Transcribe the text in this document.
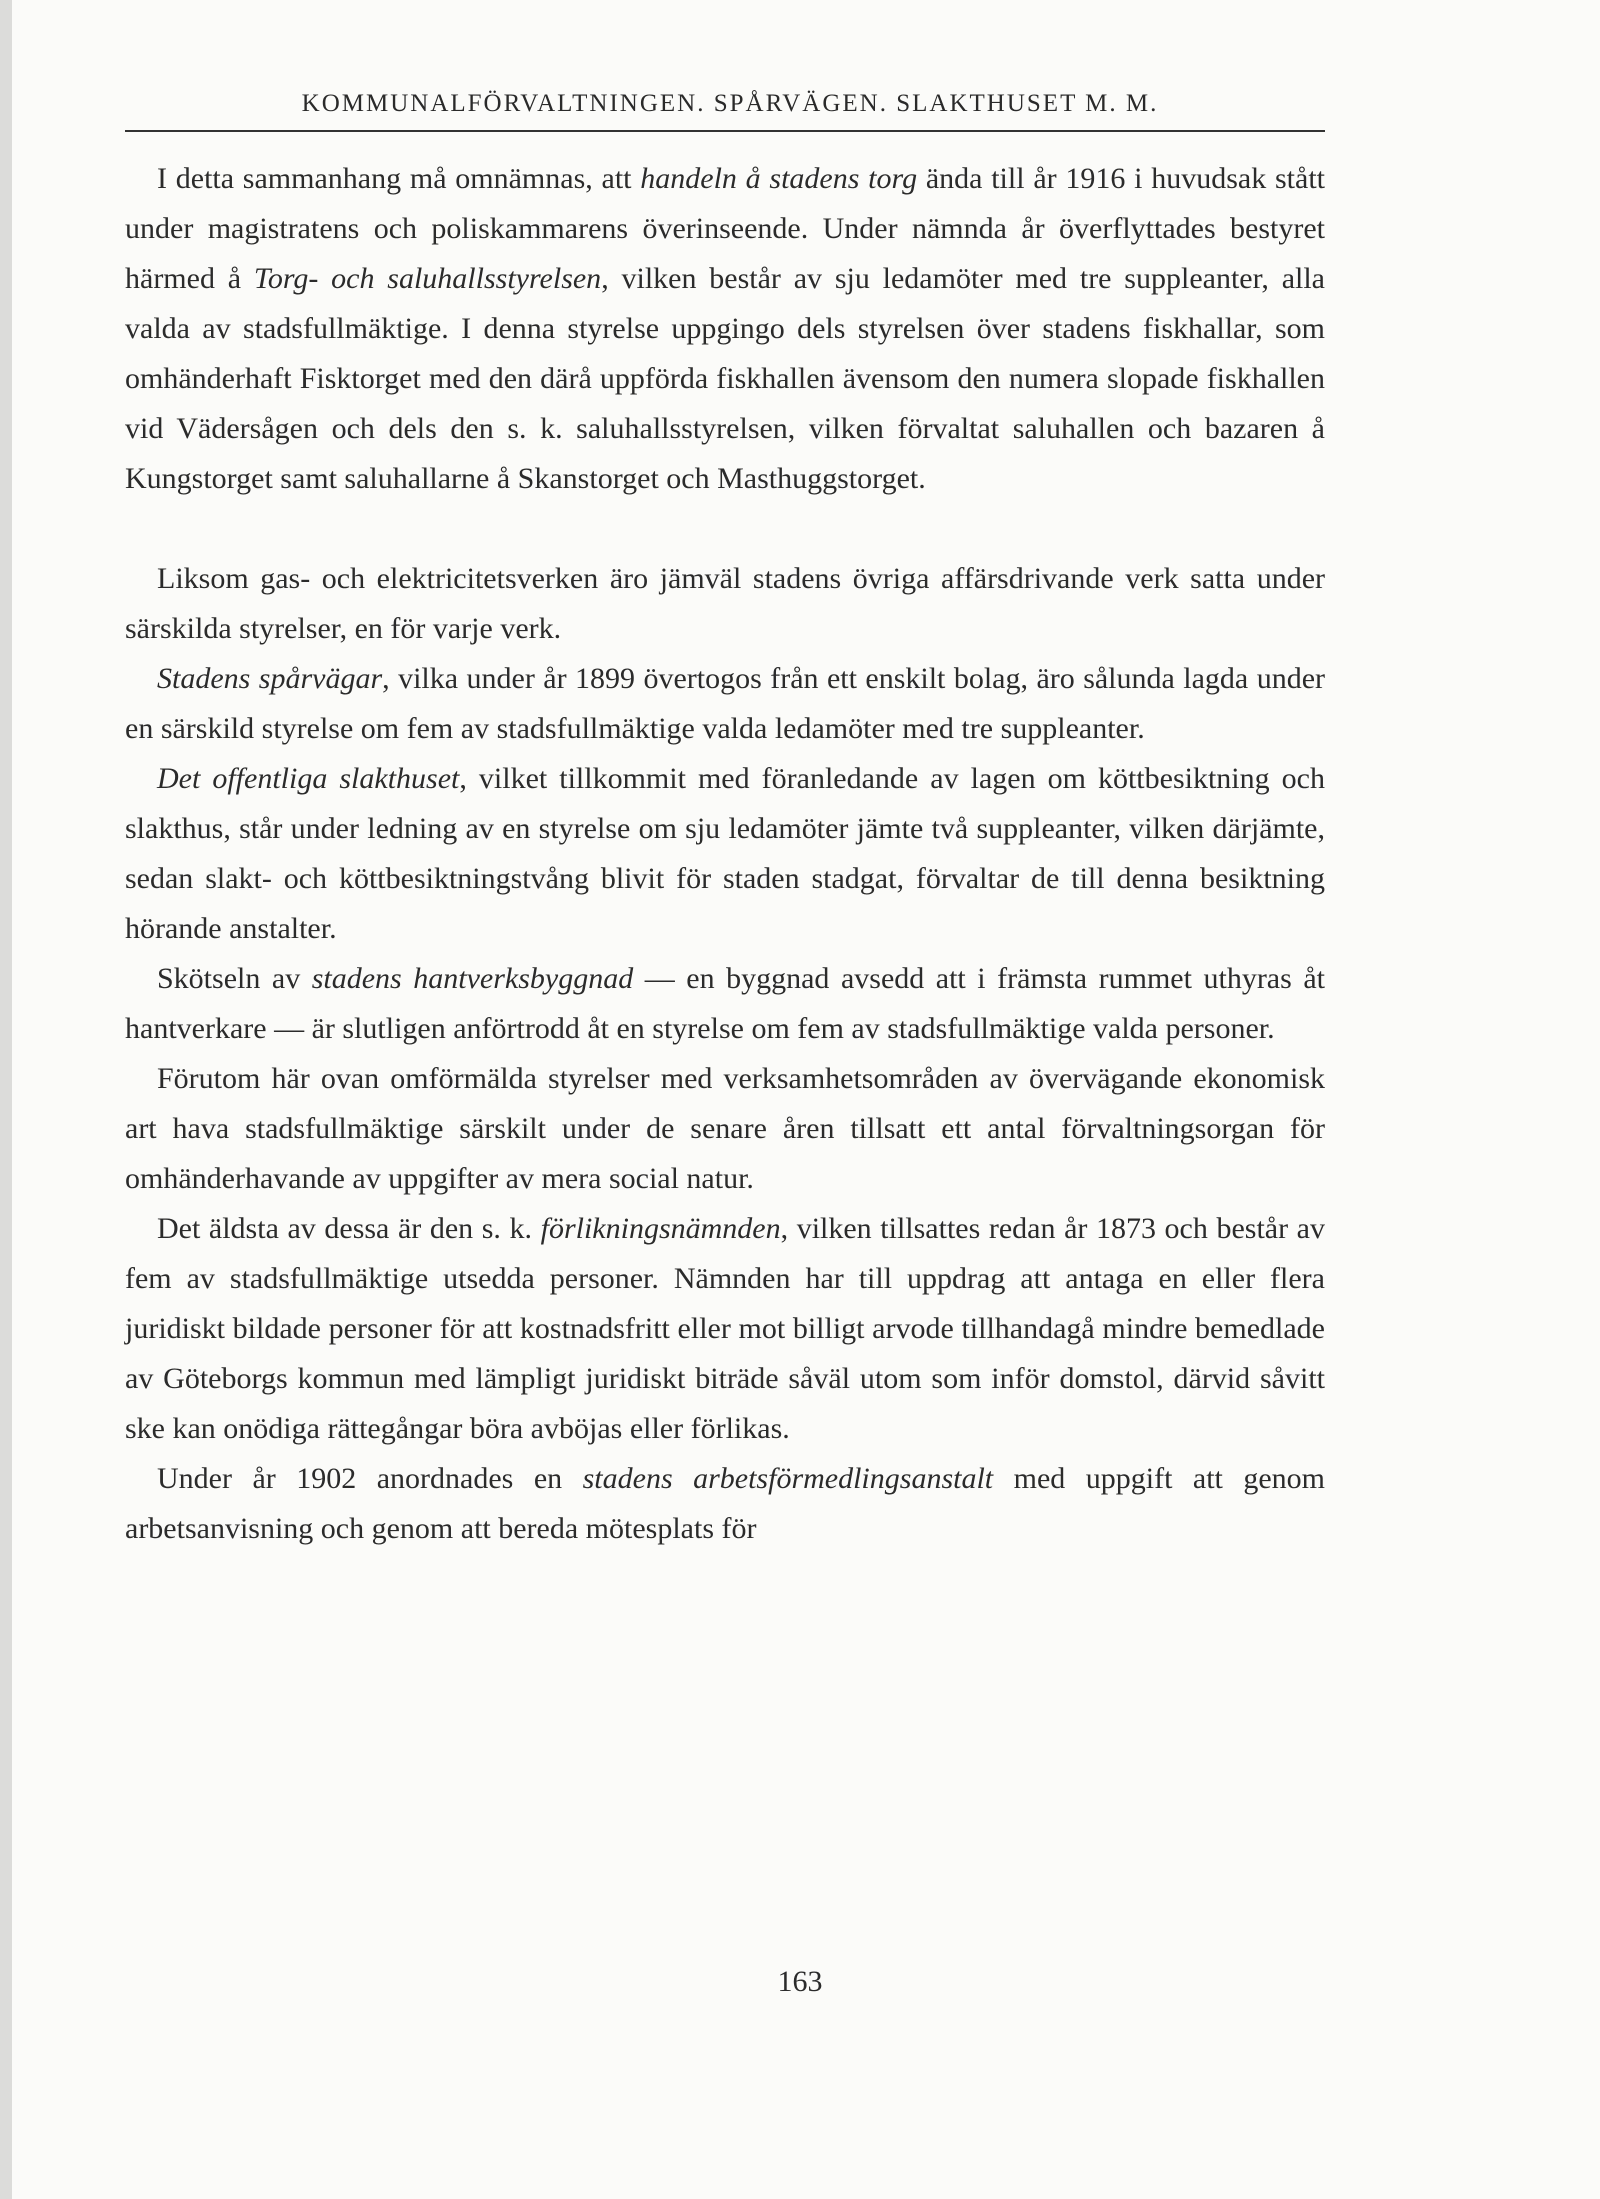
KOMMUNALFÖRVALTNINGEN. SPÅRVÄGEN. SLAKTHUSET M. M.

I detta sammanhang må omnämnas, att handeln å stadens torg ända till år 1916 i huvudsak stått under magistratens och poliskammarens överinseende. Under nämnda år överflyttades bestyret härmed å Torg- och saluhallsstyrelsen, vilken består av sju ledamöter med tre suppleanter, alla valda av stadsfullmäktige. I denna styrelse uppgingo dels styrelsen över stadens fiskhallar, som omhänderhaft Fisktorget med den därå uppförda fiskhallen ävensom den numera slopade fiskhallen vid Vädersågen och dels den s. k. saluhallsstyrelsen, vilken förvaltat saluhallen och bazaren å Kungstorget samt saluhallarne å Skanstorget och Masthuggstorget.

Liksom gas- och elektricitetsverken äro jämväl stadens övriga affärsdrivande verk satta under särskilda styrelser, en för varje verk.

Stadens spårvägar, vilka under år 1899 övertogos från ett enskilt bolag, äro sålunda lagda under en särskild styrelse om fem av stadsfullmäktige valda ledamöter med tre suppleanter.

Det offentliga slakthuset, vilket tillkommit med föranledande av lagen om köttbesiktning och slakthus, står under ledning av en styrelse om sju ledamöter jämte två suppleanter, vilken därjämte, sedan slakt- och köttbesiktningstvång blivit för staden stadgat, förvaltar de till denna besiktning hörande anstalter.

Skötseln av stadens hantverksbyggnad — en byggnad avsedd att i främsta rummet uthyras åt hantverkare — är slutligen anförtrodd åt en styrelse om fem av stadsfullmäktige valda personer.

Förutom här ovan omförmälda styrelser med verksamhetsområden av övervägande ekonomisk art hava stadsfullmäktige särskilt under de senare åren tillsatt ett antal förvaltningsorgan för omhänderhavande av uppgifter av mera social natur.

Det äldsta av dessa är den s. k. förlikningsnämnden, vilken tillsattes redan år 1873 och består av fem av stadsfullmäktige utsedda personer. Nämnden har till uppdrag att antaga en eller flera juridiskt bildade personer för att kostnadsfritt eller mot billigt arvode tillhandagå mindre bemedlade av Göteborgs kommun med lämpligt juridiskt biträde såväl utom som inför domstol, därvid såvitt ske kan onödiga rättegångar böra avböjas eller förlikas.

Under år 1902 anordnades en stadens arbetsförmedlingsanstalt med uppgift att genom arbetsanvisning och genom att bereda mötesplats för

163
